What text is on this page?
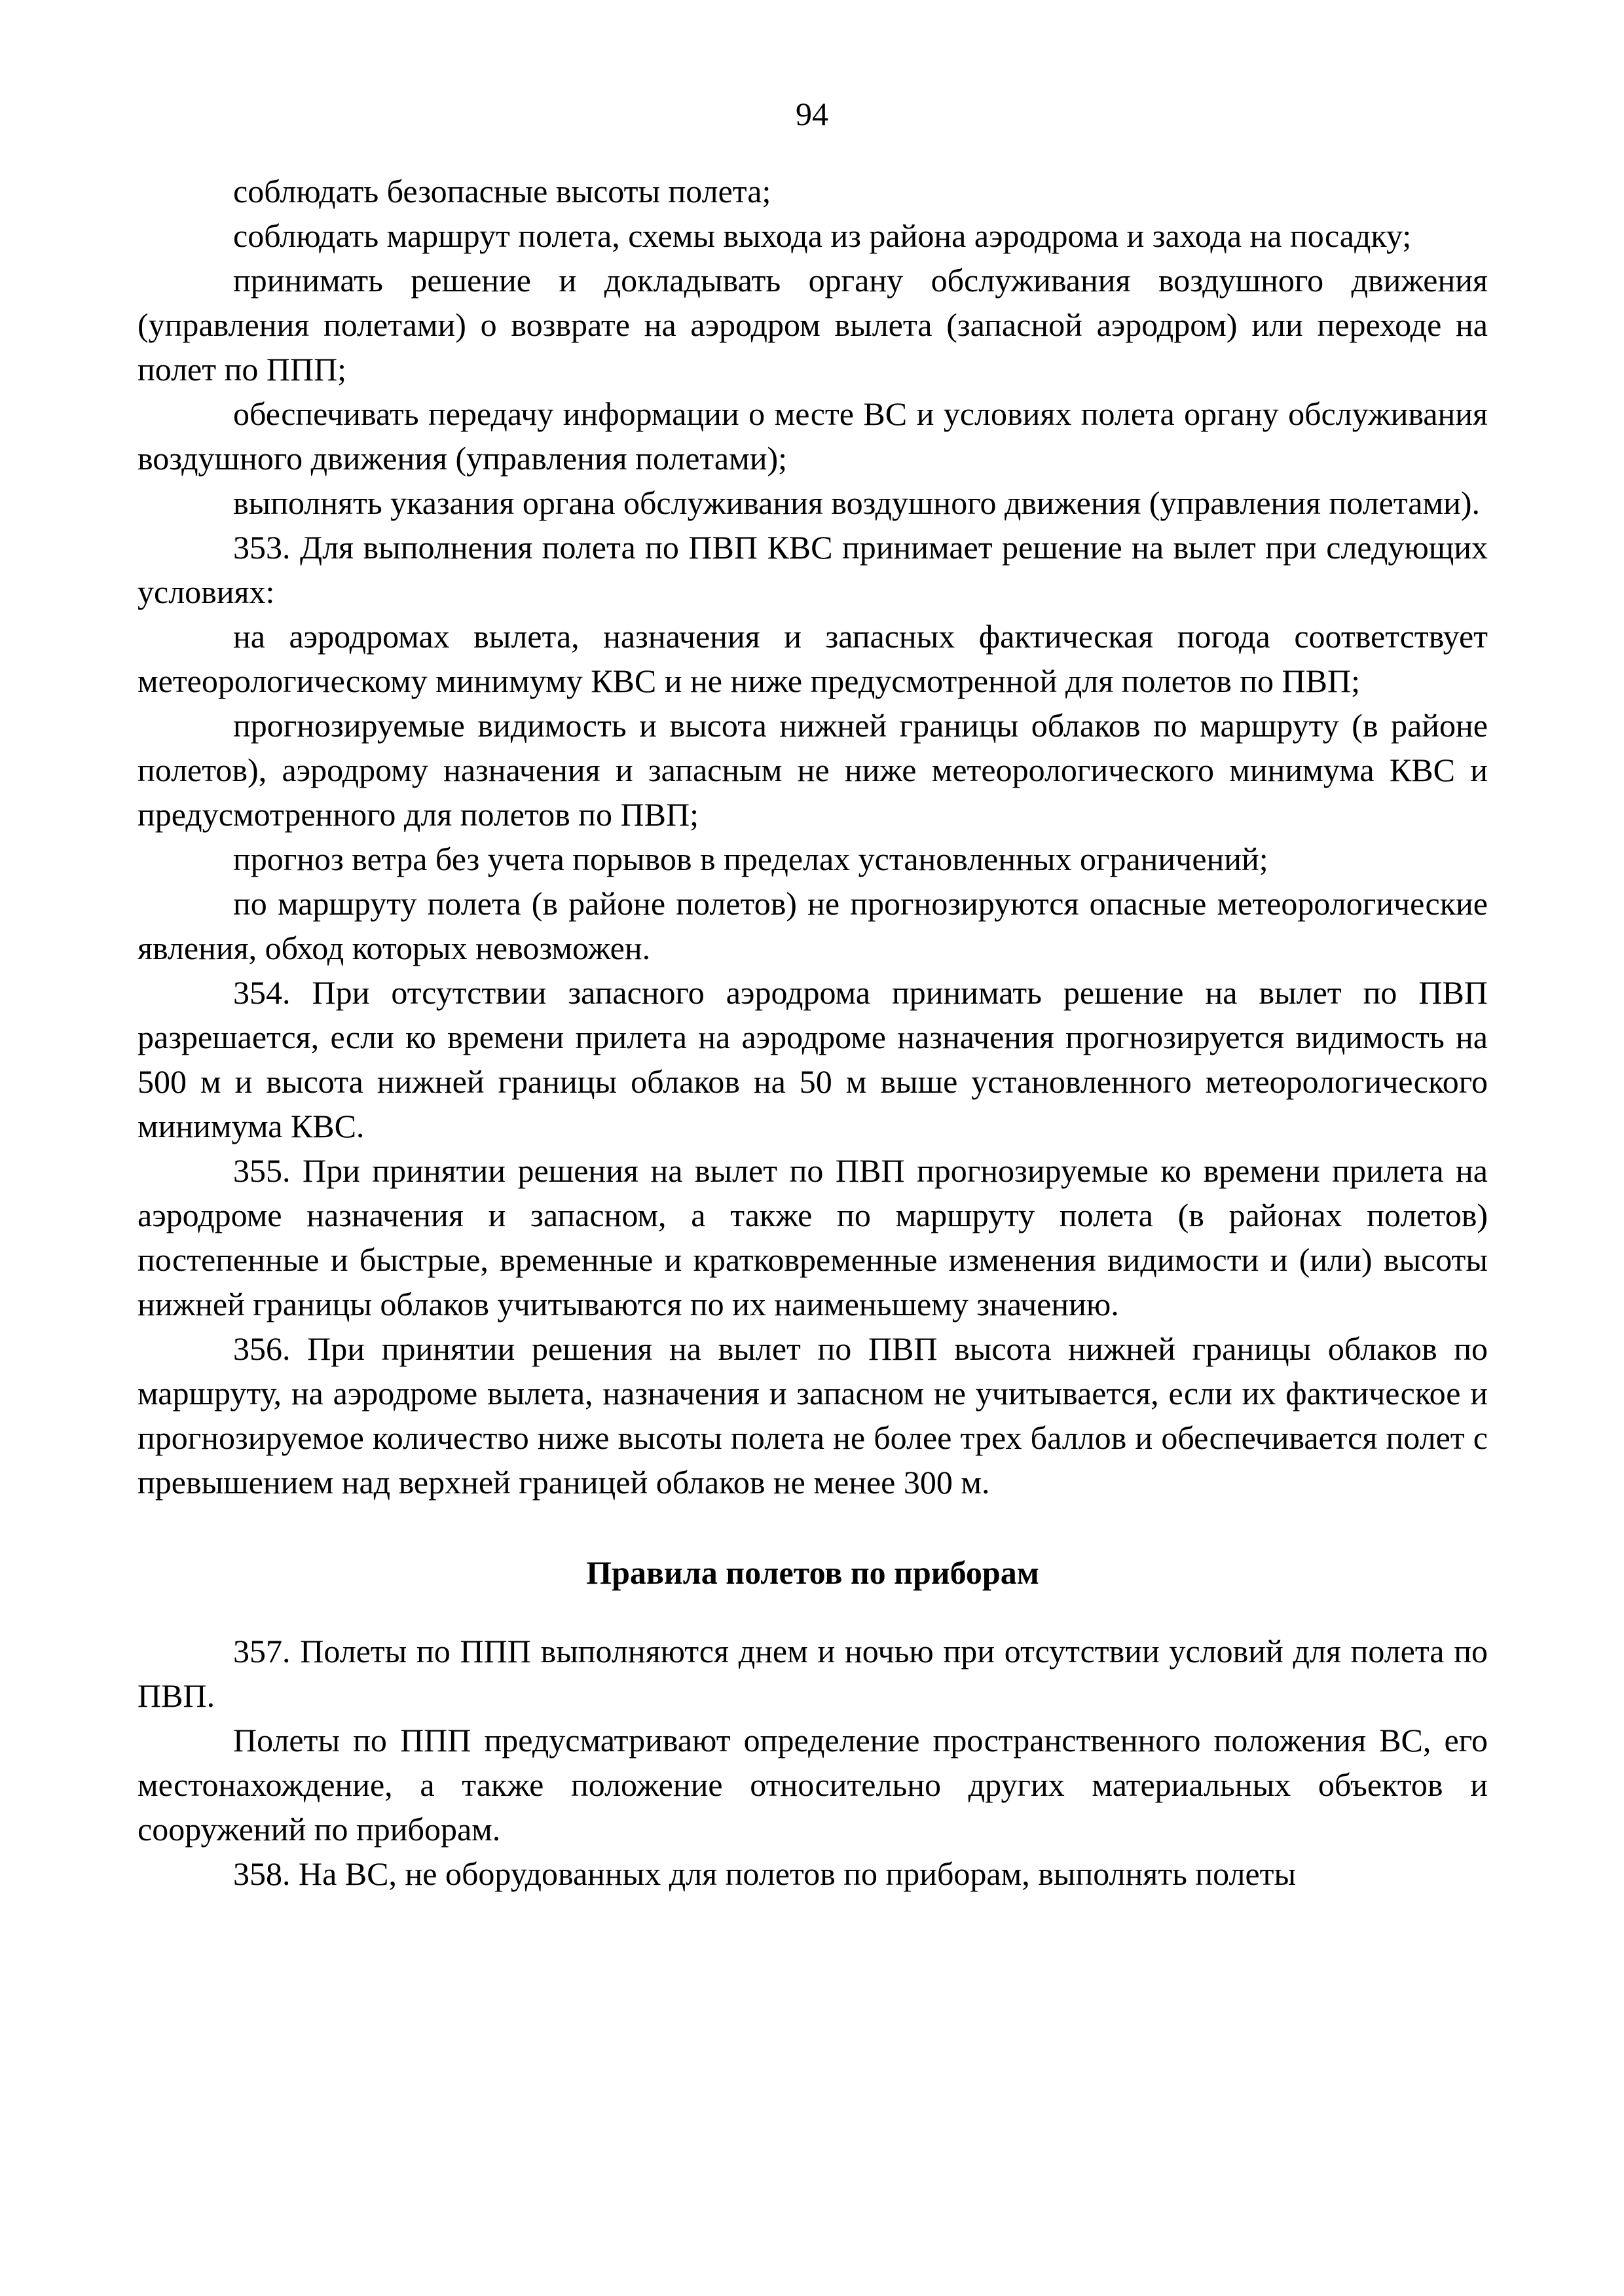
94

соблюдать безопасные высоты полета;

соблюдать маршрут полета, схемы выхода из района аэродрома и захода на посадку;

принимать решение и докладывать органу обслуживания воздушного движения (управления полетами) о возврате на аэродром вылета (запасной аэродром) или переходе на полет по ППП;

обеспечивать передачу информации о месте ВС и условиях полета органу обслуживания воздушного движения (управления полетами);

выполнять указания органа обслуживания воздушного движения (управления полетами).

353. Для выполнения полета по ПВП КВС принимает решение на вылет при следующих условиях:

на аэродромах вылета, назначения и запасных фактическая погода соответствует метеорологическому минимуму КВС и не ниже предусмотренной для полетов по ПВП;

прогнозируемые видимость и высота нижней границы облаков по маршруту (в районе полетов), аэродрому назначения и запасным не ниже метеорологического минимума КВС и предусмотренного для полетов по ПВП;

прогноз ветра без учета порывов в пределах установленных ограничений;

по маршруту полета (в районе полетов) не прогнозируются опасные метеорологические явления, обход которых невозможен.

354. При отсутствии запасного аэродрома принимать решение на вылет по ПВП разрешается, если ко времени прилета на аэродроме назначения прогнозируется видимость на 500 м и высота нижней границы облаков на 50 м выше установленного метеорологического минимума КВС.

355. При принятии решения на вылет по ПВП прогнозируемые ко времени прилета на аэродроме назначения и запасном, а также по маршруту полета (в районах полетов) постепенные и быстрые, временные и кратковременные изменения видимости и (или) высоты нижней границы облаков учитываются по их наименьшему значению.

356. При принятии решения на вылет по ПВП высота нижней границы облаков по маршруту, на аэродроме вылета, назначения и запасном не учитывается, если их фактическое и прогнозируемое количество ниже высоты полета не более трех баллов и обеспечивается полет с превышением над верхней границей облаков не менее 300 м.

Правила полетов по приборам

357. Полеты по ППП выполняются днем и ночью при отсутствии условий для полета по ПВП.

Полеты по ППП предусматривают определение пространственного положения ВС, его местонахождение, а также положение относительно других материальных объектов и сооружений по приборам.

358. На ВС, не оборудованных для полетов по приборам, выполнять полеты
